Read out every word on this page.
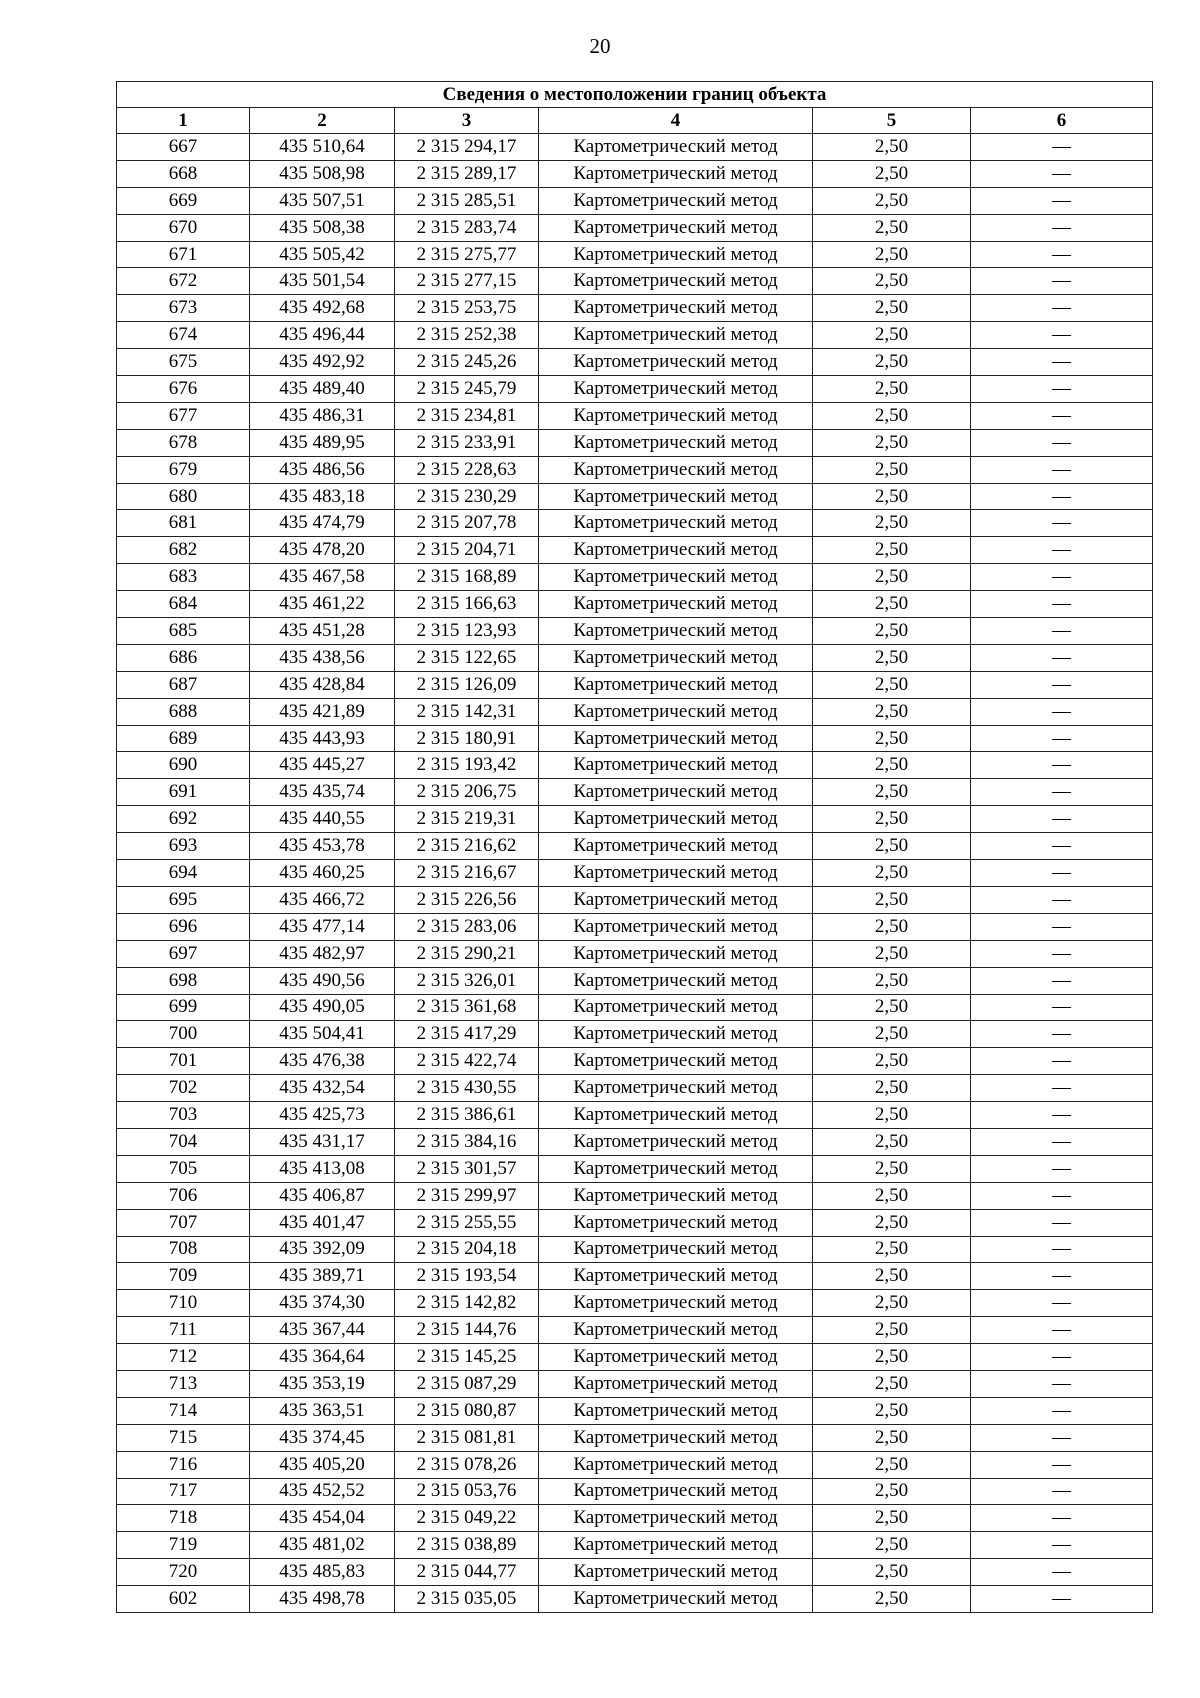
20
Сведения о местоположении границ объекта					
1	2	3	4	5	6
667	435 510,64	2 315 294,17	Картометрический метод	2,50	—
668	435 508,98	2 315 289,17	Картометрический метод	2,50	—
669	435 507,51	2 315 285,51	Картометрический метод	2,50	—
670	435 508,38	2 315 283,74	Картометрический метод	2,50	—
671	435 505,42	2 315 275,77	Картометрический метод	2,50	—
672	435 501,54	2 315 277,15	Картометрический метод	2,50	—
673	435 492,68	2 315 253,75	Картометрический метод	2,50	—
674	435 496,44	2 315 252,38	Картометрический метод	2,50	—
675	435 492,92	2 315 245,26	Картометрический метод	2,50	—
676	435 489,40	2 315 245,79	Картометрический метод	2,50	—
677	435 486,31	2 315 234,81	Картометрический метод	2,50	—
678	435 489,95	2 315 233,91	Картометрический метод	2,50	—
679	435 486,56	2 315 228,63	Картометрический метод	2,50	—
680	435 483,18	2 315 230,29	Картометрический метод	2,50	—
681	435 474,79	2 315 207,78	Картометрический метод	2,50	—
682	435 478,20	2 315 204,71	Картометрический метод	2,50	—
683	435 467,58	2 315 168,89	Картометрический метод	2,50	—
684	435 461,22	2 315 166,63	Картометрический метод	2,50	—
685	435 451,28	2 315 123,93	Картометрический метод	2,50	—
686	435 438,56	2 315 122,65	Картометрический метод	2,50	—
687	435 428,84	2 315 126,09	Картометрический метод	2,50	—
688	435 421,89	2 315 142,31	Картометрический метод	2,50	—
689	435 443,93	2 315 180,91	Картометрический метод	2,50	—
690	435 445,27	2 315 193,42	Картометрический метод	2,50	—
691	435 435,74	2 315 206,75	Картометрический метод	2,50	—
692	435 440,55	2 315 219,31	Картометрический метод	2,50	—
693	435 453,78	2 315 216,62	Картометрический метод	2,50	—
694	435 460,25	2 315 216,67	Картометрический метод	2,50	—
695	435 466,72	2 315 226,56	Картометрический метод	2,50	—
696	435 477,14	2 315 283,06	Картометрический метод	2,50	—
697	435 482,97	2 315 290,21	Картометрический метод	2,50	—
698	435 490,56	2 315 326,01	Картометрический метод	2,50	—
699	435 490,05	2 315 361,68	Картометрический метод	2,50	—
700	435 504,41	2 315 417,29	Картометрический метод	2,50	—
701	435 476,38	2 315 422,74	Картометрический метод	2,50	—
702	435 432,54	2 315 430,55	Картометрический метод	2,50	—
703	435 425,73	2 315 386,61	Картометрический метод	2,50	—
704	435 431,17	2 315 384,16	Картометрический метод	2,50	—
705	435 413,08	2 315 301,57	Картометрический метод	2,50	—
706	435 406,87	2 315 299,97	Картометрический метод	2,50	—
707	435 401,47	2 315 255,55	Картометрический метод	2,50	—
708	435 392,09	2 315 204,18	Картометрический метод	2,50	—
709	435 389,71	2 315 193,54	Картометрический метод	2,50	—
710	435 374,30	2 315 142,82	Картометрический метод	2,50	—
711	435 367,44	2 315 144,76	Картометрический метод	2,50	—
712	435 364,64	2 315 145,25	Картометрический метод	2,50	—
713	435 353,19	2 315 087,29	Картометрический метод	2,50	—
714	435 363,51	2 315 080,87	Картометрический метод	2,50	—
715	435 374,45	2 315 081,81	Картометрический метод	2,50	—
716	435 405,20	2 315 078,26	Картометрический метод	2,50	—
717	435 452,52	2 315 053,76	Картометрический метод	2,50	—
718	435 454,04	2 315 049,22	Картометрический метод	2,50	—
719	435 481,02	2 315 038,89	Картометрический метод	2,50	—
720	435 485,83	2 315 044,77	Картометрический метод	2,50	—
602	435 498,78	2 315 035,05	Картометрический метод	2,50	—
